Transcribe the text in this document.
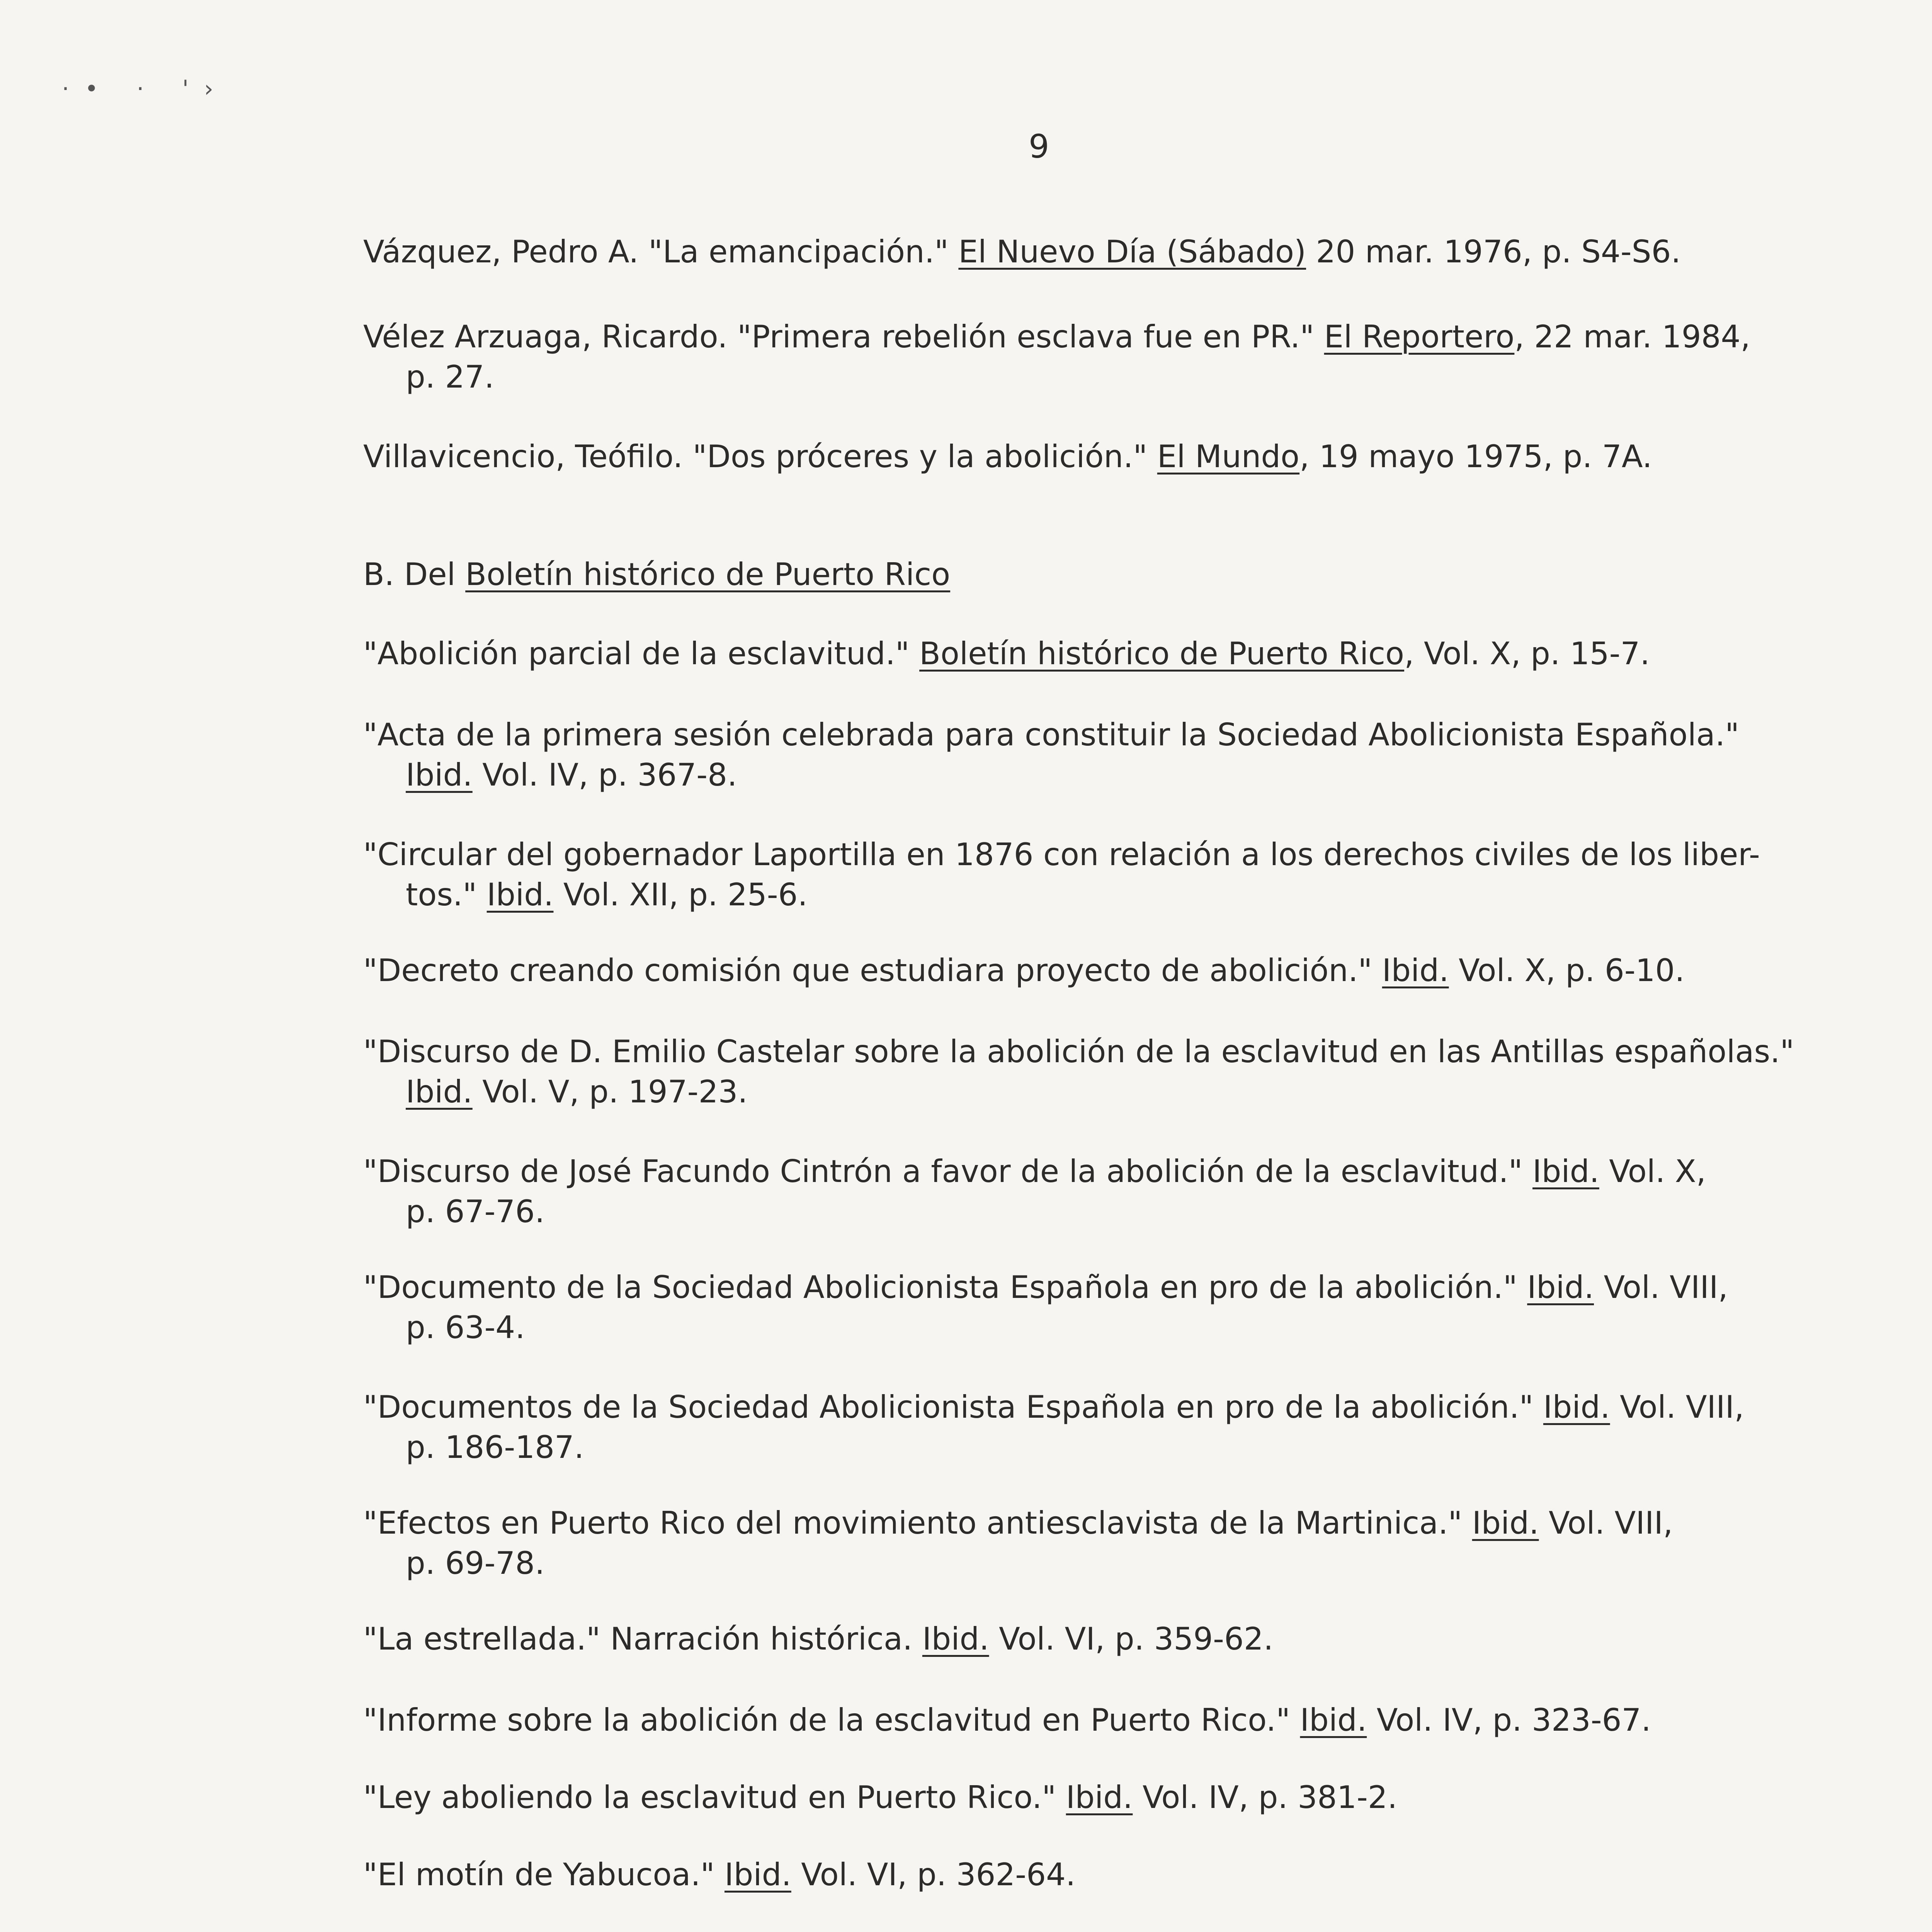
·• · '›
9
Vázquez, Pedro A. "La emancipación." El Nuevo Día (Sábado) 20 mar. 1976, p. S4-S6.
Vélez Arzuaga, Ricardo. "Primera rebelión esclava fue en PR." El Reportero, 22 mar. 1984,
p. 27.
Villavicencio, Teófilo. "Dos próceres y la abolición." El Mundo, 19 mayo 1975, p. 7A.
B. Del Boletín histórico de Puerto Rico
"Abolición parcial de la esclavitud." Boletín histórico de Puerto Rico, Vol. X, p. 15-7.
"Acta de la primera sesión celebrada para constituir la Sociedad Abolicionista Española."
Ibid. Vol. IV, p. 367-8.
"Circular del gobernador Laportilla en 1876 con relación a los derechos civiles de los liber-
tos." Ibid. Vol. XII, p. 25-6.
"Decreto creando comisión que estudiara proyecto de abolición." Ibid. Vol. X, p. 6-10.
"Discurso de D. Emilio Castelar sobre la abolición de la esclavitud en las Antillas españolas."
Ibid. Vol. V, p. 197-23.
"Discurso de José Facundo Cintrón a favor de la abolición de la esclavitud." Ibid. Vol. X,
p. 67-76.
"Documento de la Sociedad Abolicionista Española en pro de la abolición." Ibid. Vol. VIII,
p. 63-4.
"Documentos de la Sociedad Abolicionista Española en pro de la abolición." Ibid. Vol. VIII,
p. 186-187.
"Efectos en Puerto Rico del movimiento antiesclavista de la Martinica." Ibid. Vol. VIII,
p. 69-78.
"La estrellada." Narración histórica. Ibid. Vol. VI, p. 359-62.
"Informe sobre la abolición de la esclavitud en Puerto Rico." Ibid. Vol. IV, p. 323-67.
"Ley aboliendo la esclavitud en Puerto Rico." Ibid. Vol. IV, p. 381-2.
"El motín de Yabucoa." Ibid. Vol. VI, p. 362-64.
